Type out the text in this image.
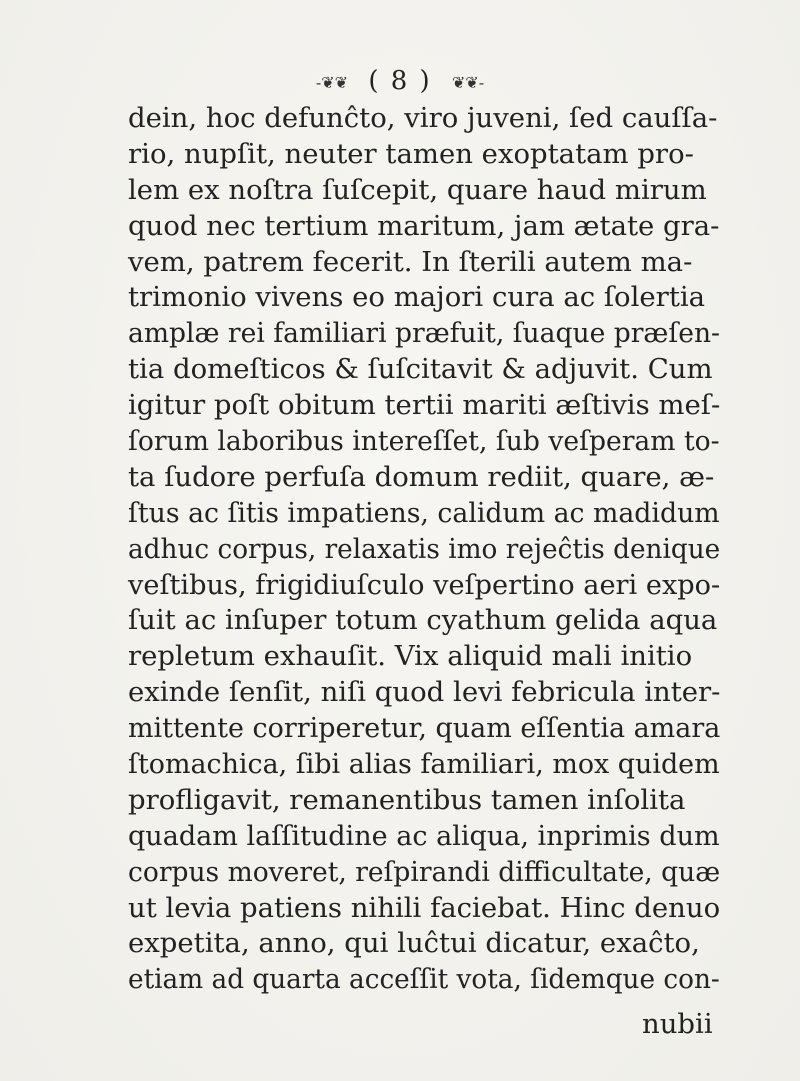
-❦❦ ( 8 ) ❦❦-
dein, hoc defunĉto, viro juveni, ſed cauſſa-
rio, nupſit, neuter tamen exoptatam pro-
lem ex noſtra ſuſcepit, quare haud mirum
quod nec tertium maritum, jam ætate gra-
vem, patrem fecerit. In ſterili autem ma-
trimonio vivens eo majori cura ac ſolertia
amplæ rei familiari præfuit, ſuaque præſen-
tia domeſticos & ſuſcitavit & adjuvit. Cum
igitur poſt obitum tertii mariti æſtivis meſ-
ſorum laboribus intereſſet, ſub veſperam to-
ta ſudore perfuſa domum rediit, quare, æ-
ſtus ac ſitis impatiens, calidum ac madidum
adhuc corpus, relaxatis imo rejeĉtis denique
veſtibus, frigidiuſculo veſpertino aeri expo-
ſuit ac inſuper totum cyathum gelida aqua
repletum exhauſit. Vix aliquid mali initio
exinde ſenſit, niſi quod levi febricula inter-
mittente corriperetur, quam eſſentia amara
ſtomachica, ſibi alias familiari, mox quidem
profligavit, remanentibus tamen inſolita
quadam laſſitudine ac aliqua, inprimis dum
corpus moveret, reſpirandi difficultate, quæ
ut levia patiens nihili faciebat. Hinc denuo
expetita, anno, qui luĉtui dicatur, exaĉto,
etiam ad quarta acceſſit vota, ſidemque con-
nubii
